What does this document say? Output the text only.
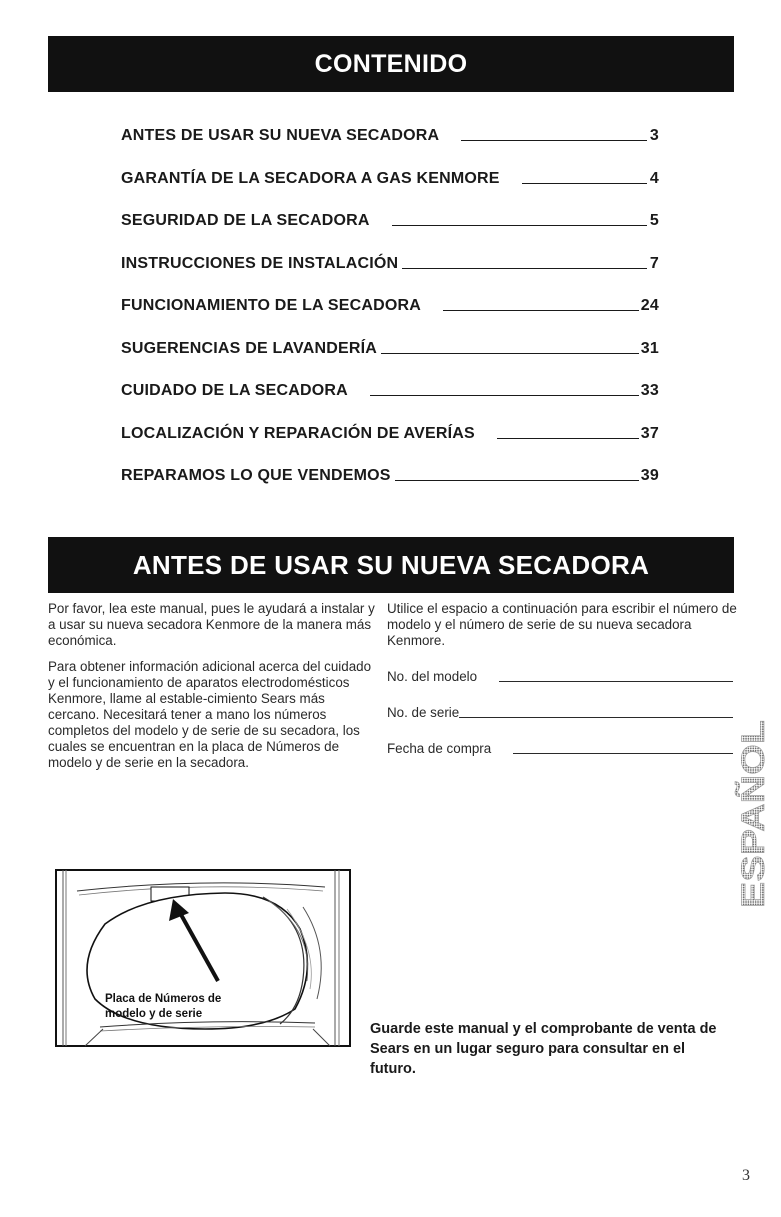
CONTENIDO
ANTES DE USAR SU NUEVA SECADORA	3
GARANTÍA DE LA SECADORA A GAS KENMORE	4
SEGURIDAD DE LA SECADORA	5
INSTRUCCIONES DE INSTALACIÓN	7
FUNCIONAMIENTO DE LA SECADORA	24
SUGERENCIAS DE LAVANDERÍA	31
CUIDADO DE LA SECADORA	33
LOCALIZACIÓN Y REPARACIÓN DE AVERÍAS	37
REPARAMOS LO QUE VENDEMOS	39
ANTES DE USAR SU NUEVA SECADORA

Por favor, lea este manual, pues le ayudará a instalar y a usar su nueva secadora Kenmore de la manera más económica.

Para obtener información adicional acerca del cuidado y el funcionamiento de aparatos electrodomésticos Kenmore, llame al estable-cimiento Sears más cercano. Necesitará tener a mano los números completos del modelo y de serie de su secadora, los cuales se encuentran en la placa de Números de modelo y de serie en la secadora.

Utilice el espacio a continuación para escribir el número de modelo y el número de serie de su nueva secadora Kenmore.

No. del modelo
No. de serie
Fecha de compra
Placa de Números de
modelo y de serie
Guarde este manual y el comprobante de venta de Sears en un lugar seguro para consultar en el futuro.
ESPAÑOL
3
